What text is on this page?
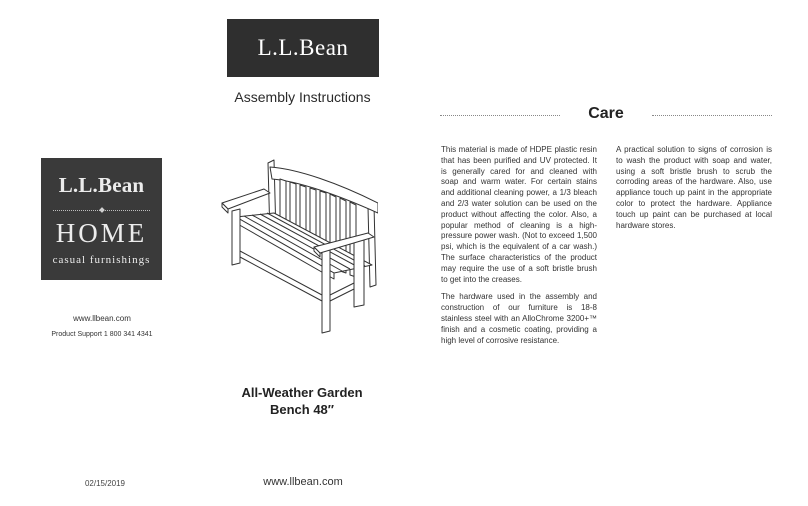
L.L.Bean
Assembly Instructions
L.L.Bean
HOME
casual furnishings
www.llbean.com
Product Support 1 800 341 4341
All-Weather Garden
Bench 48″
02/15/2019	www.llbean.com
Care

This material is made of HDPE plastic resin that has been purified and UV protected. It is generally cared for and cleaned with soap and warm water. For certain stains and additional cleaning power, a 1/3 bleach and 2/3 water solution can be used on the product without affecting the color. Also, a popular method of cleaning is a high-pressure power wash. (Not to exceed 1,500 psi, which is the equivalent of a car wash.) The surface characteristics of the product may require the use of a soft bristle brush to get into the creases.

The hardware used in the assembly and construction of our furniture is 18-8 stainless steel with an AlloChrome 3200+™ finish and a cosmetic coating, providing a high level of corrosive resistance.

A practical solution to signs of corrosion is to wash the product with soap and water, using a soft bristle brush to scrub the corroding areas of the hardware. Also, use appliance touch up paint in the appropriate color to protect the hardware. Appliance touch up paint can be purchased at local hardware stores.
